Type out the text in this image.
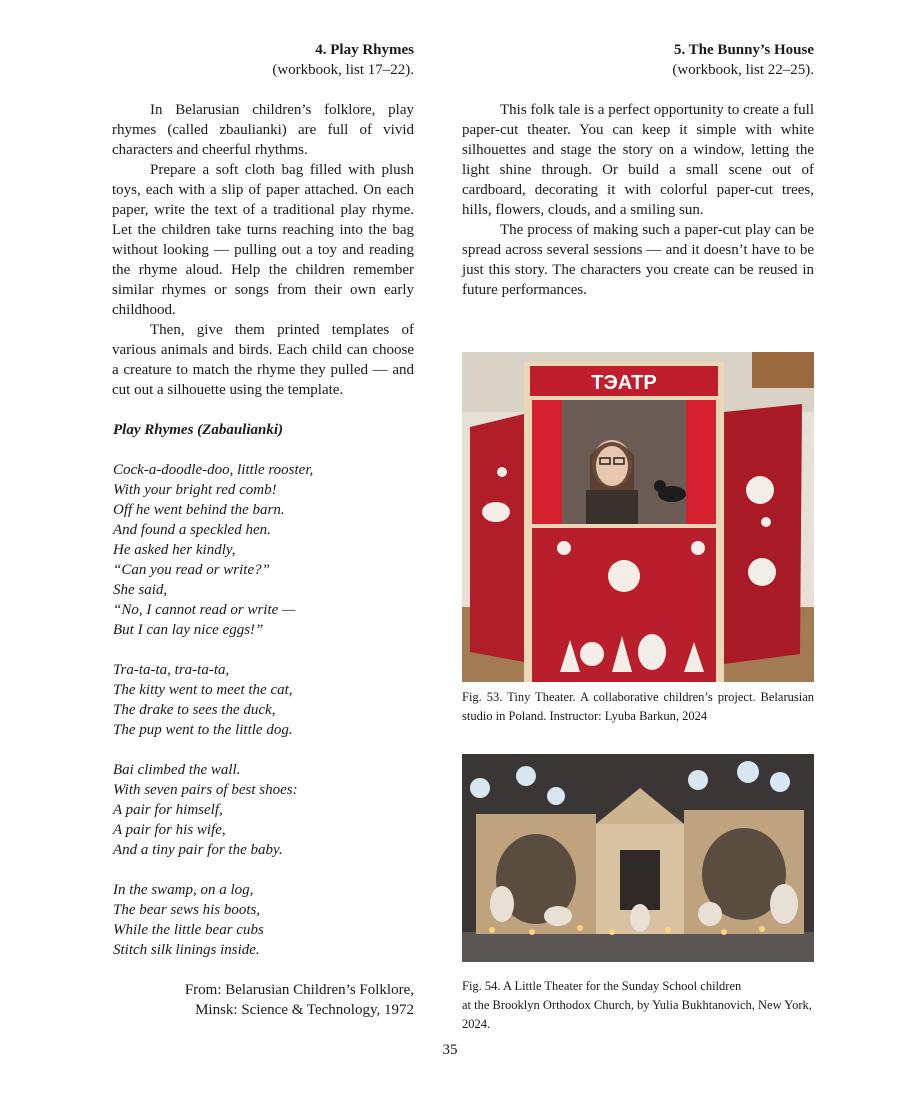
4. Play Rhymes

(workbook, list 17–22).

In Belarusian children’s folklore, play rhymes (called zbaulianki) are full of vivid characters and cheerful rhythms.

Prepare a soft cloth bag filled with plush toys, each with a slip of paper attached. On each paper, write the text of a traditional play rhyme. Let the children take turns reaching into the bag without looking — pulling out a toy and reading the rhyme aloud. Help the children remember similar rhymes or songs from their own early childhood.

Then, give them printed templates of various animals and birds. Each child can choose a creature to match the rhyme they pulled — and cut out a silhouette using the template.

Play Rhymes (Zabaulianki)

Cock-a-doodle-doo, little rooster,

With your bright red comb!

Off he went behind the barn.

And found a speckled hen.

He asked her kindly,

“Can you read or write?”

She said,

“No, I cannot read or write —

But I can lay nice eggs!”

Tra-ta-ta, tra-ta-ta,

The kitty went to meet the cat,

The drake to sees the duck,

The pup went to the little dog.

Bai climbed the wall.

With seven pairs of best shoes:

A pair for himself,

A pair for his wife,

And a tiny pair for the baby.

In the swamp, on a log,

The bear sews his boots,

While the little bear cubs

Stitch silk linings inside.

From: Belarusian Children’s Folklore,

Minsk: Science & Technology, 1972

5. The Bunny’s House

(workbook, list 22–25).

This folk tale is a perfect opportunity to create a full paper-cut theater. You can keep it simple with white silhouettes and stage the story on a window, letting the light shine through. Or build a small scene out of cardboard, decorating it with colorful paper-cut trees, hills, flowers, clouds, and a smiling sun.

The process of making such a paper-cut play can be spread across several sessions — and it doesn’t have to be just this story. The characters you create can be reused in future performances.

ТЭАТР

Fig. 53. Tiny Theater. A collaborative children’s project. Belarusian studio in Poland. Instructor: Lyuba Barkun, 2024

Fig. 54. A Little Theater for the Sunday School children
at the Brooklyn Orthodox Church, by Yulia Bukhtanovich, New York, 2024.

35
